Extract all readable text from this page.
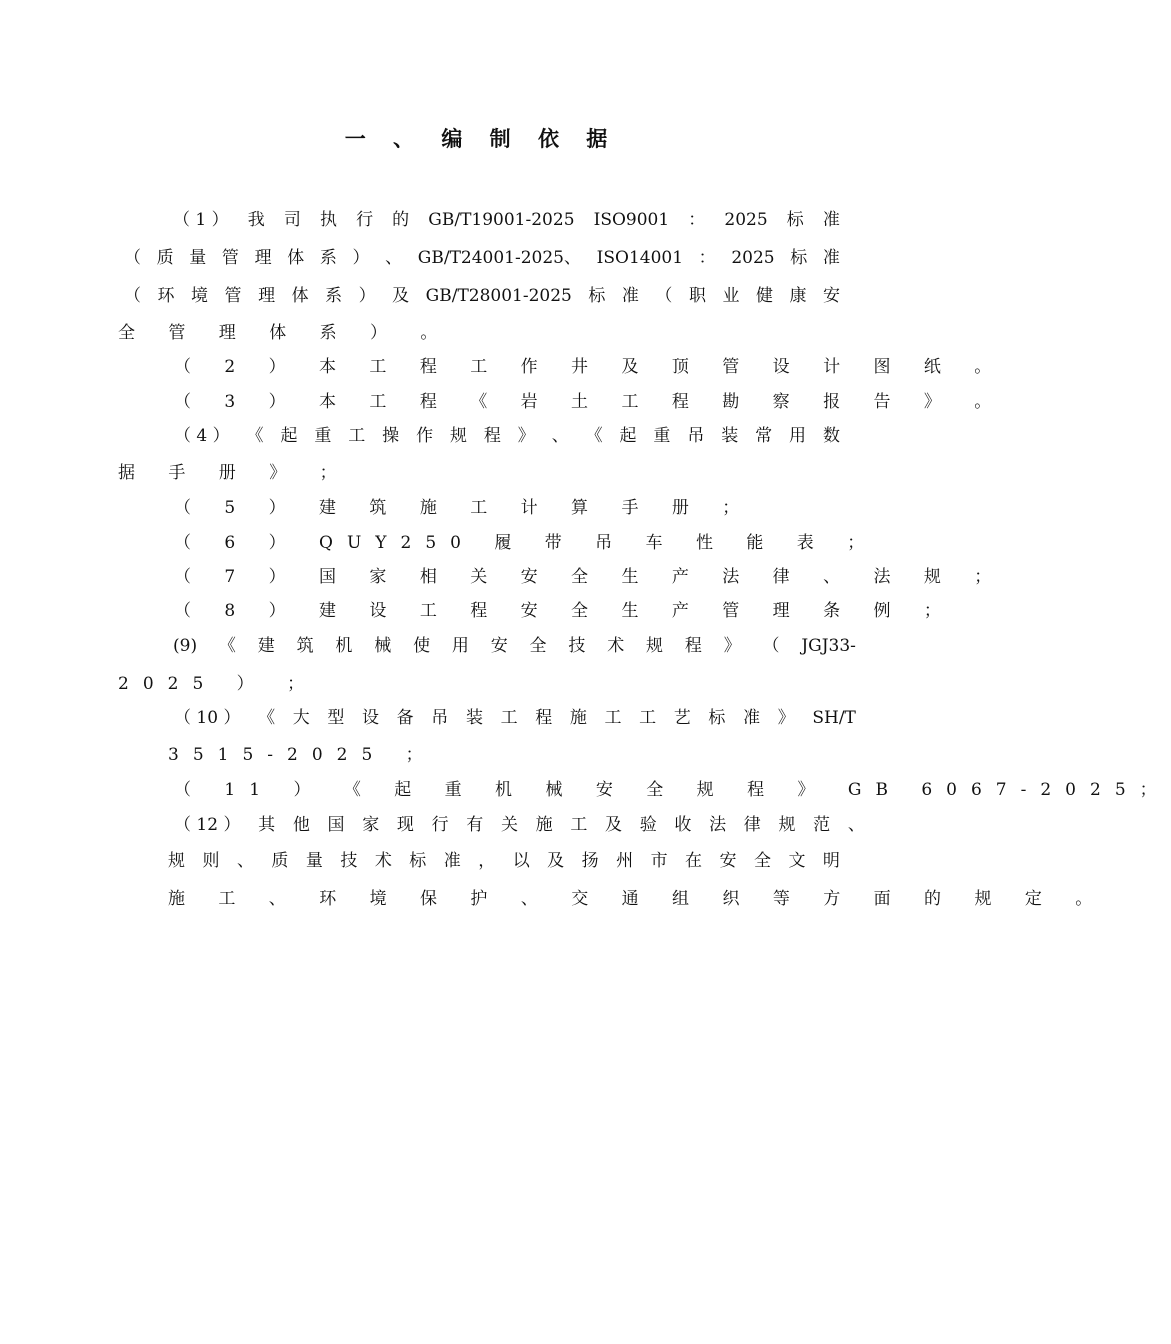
一 、 编 制 依 据
（ 1 ） 我 司 执 行 的 GB/T19001-2025 ISO9001 ： 2025 标 准
（ 质 量 管 理 体 系 ） 、 GB/T24001-2025、 ISO14001 ： 2025 标 准
（ 环 境 管 理 体 系 ） 及 GB/T28001-2025 标 准 （ 职 业 健 康 安
全 管 理 体 系 ） 。
（ 2 ） 本 工 程 工 作 井 及 顶 管 设 计 图 纸 。
（ 3 ） 本 工 程 《 岩 土 工 程 勘 察 报 告 》 。
（ 4 ） 《 起 重 工 操 作 规 程 》 、 《 起 重 吊 装 常 用 数
据 手 册 》 ；
（ 5 ） 建 筑 施 工 计 算 手 册 ；
（ 6 ） QUY250 履 带 吊 车 性 能 表 ；
（ 7 ） 国 家 相 关 安 全 生 产 法 律 、 法 规 ；
（ 8 ） 建 设 工 程 安 全 生 产 管 理 条 例 ；
(9) 《 建 筑 机 械 使 用 安 全 技 术 规 程 》 （ JGJ33-
2025 ） ；
（ 10 ） 《 大 型 设 备 吊 装 工 程 施 工 工 艺 标 准 》 SH/T
3515-2025 ；
（ 11 ） 《 起 重 机 械 安 全 规 程 》 GB 6067-2025；
（ 12 ） 其 他 国 家 现 行 有 关 施 工 及 验 收 法 律 规 范 、
规 则 、 质 量 技 术 标 准 ， 以 及 扬 州 市 在 安 全 文 明
施 工 、 环 境 保 护 、 交 通 组 织 等 方 面 的 规 定 。
